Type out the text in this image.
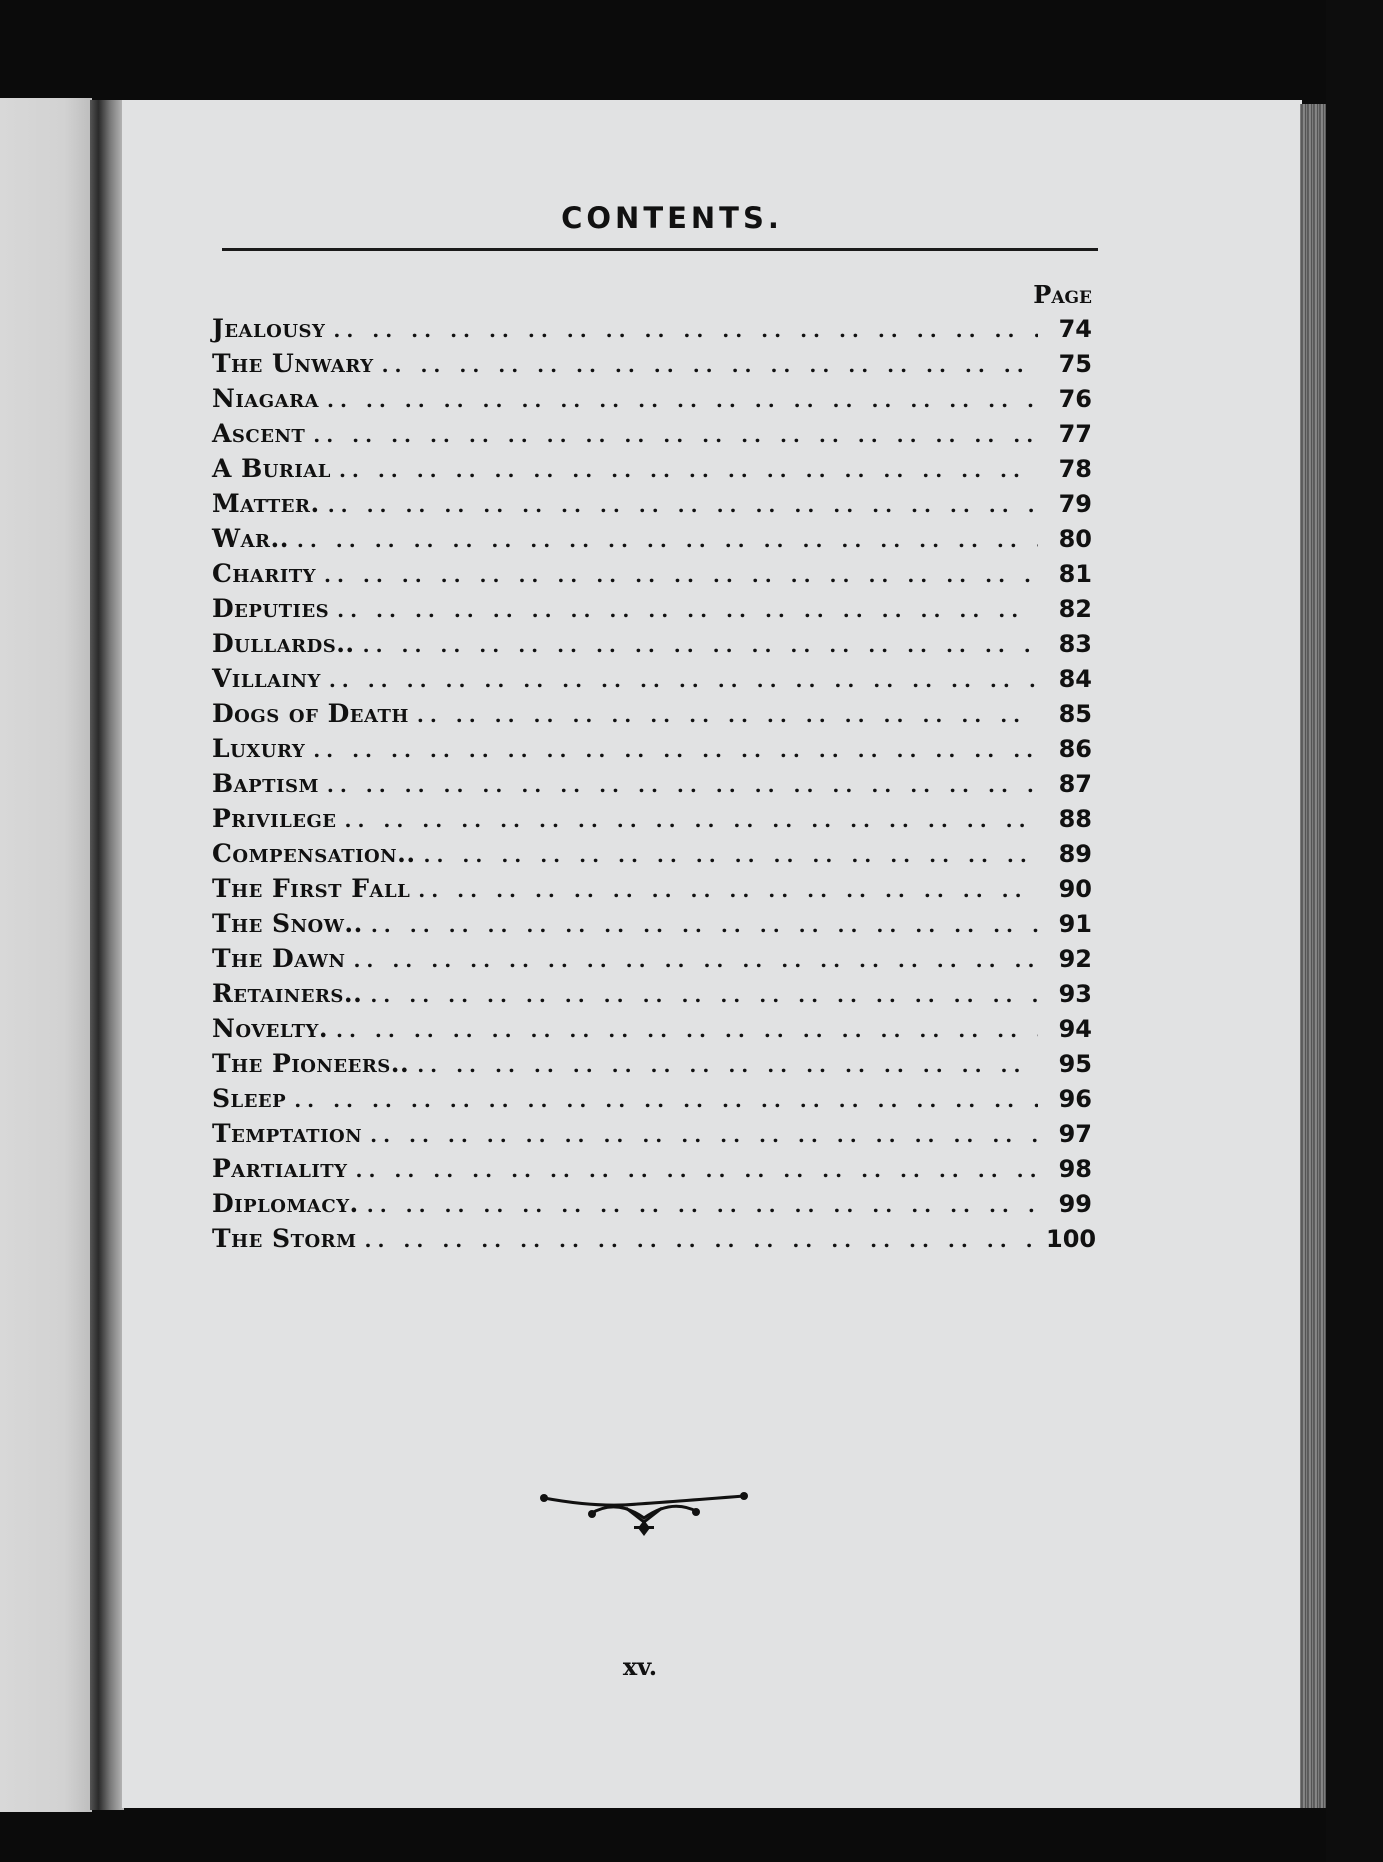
CONTENTS.
Page
Jealousy .. ..	74
The Unwary .. ..	75
Niagara .. ..	76
Ascent .. ..	77
A Burial .. ..	78
Matter. .. ..	79
War.. .. ..	80
Charity .. ..	81
Deputies .. ..	82
Dullards.. .. ..	83
Villainy .. ..	84
Dogs of Death .. ..	85
Luxury .. ..	86
Baptism .. ..	87
Privilege .. ..	88
Compensation.. .. ..	89
The First Fall .. ..	90
The Snow.. .. ..	91
The Dawn .. ..	92
Retainers.. .. ..	93
Novelty. .. ..	94
The Pioneers.. .. ..	95
Sleep .. ..	96
Temptation .. ..	97
Partiality .. ..	98
Diplomacy. .. ..	99
The Storm .. ..	100
xv.
